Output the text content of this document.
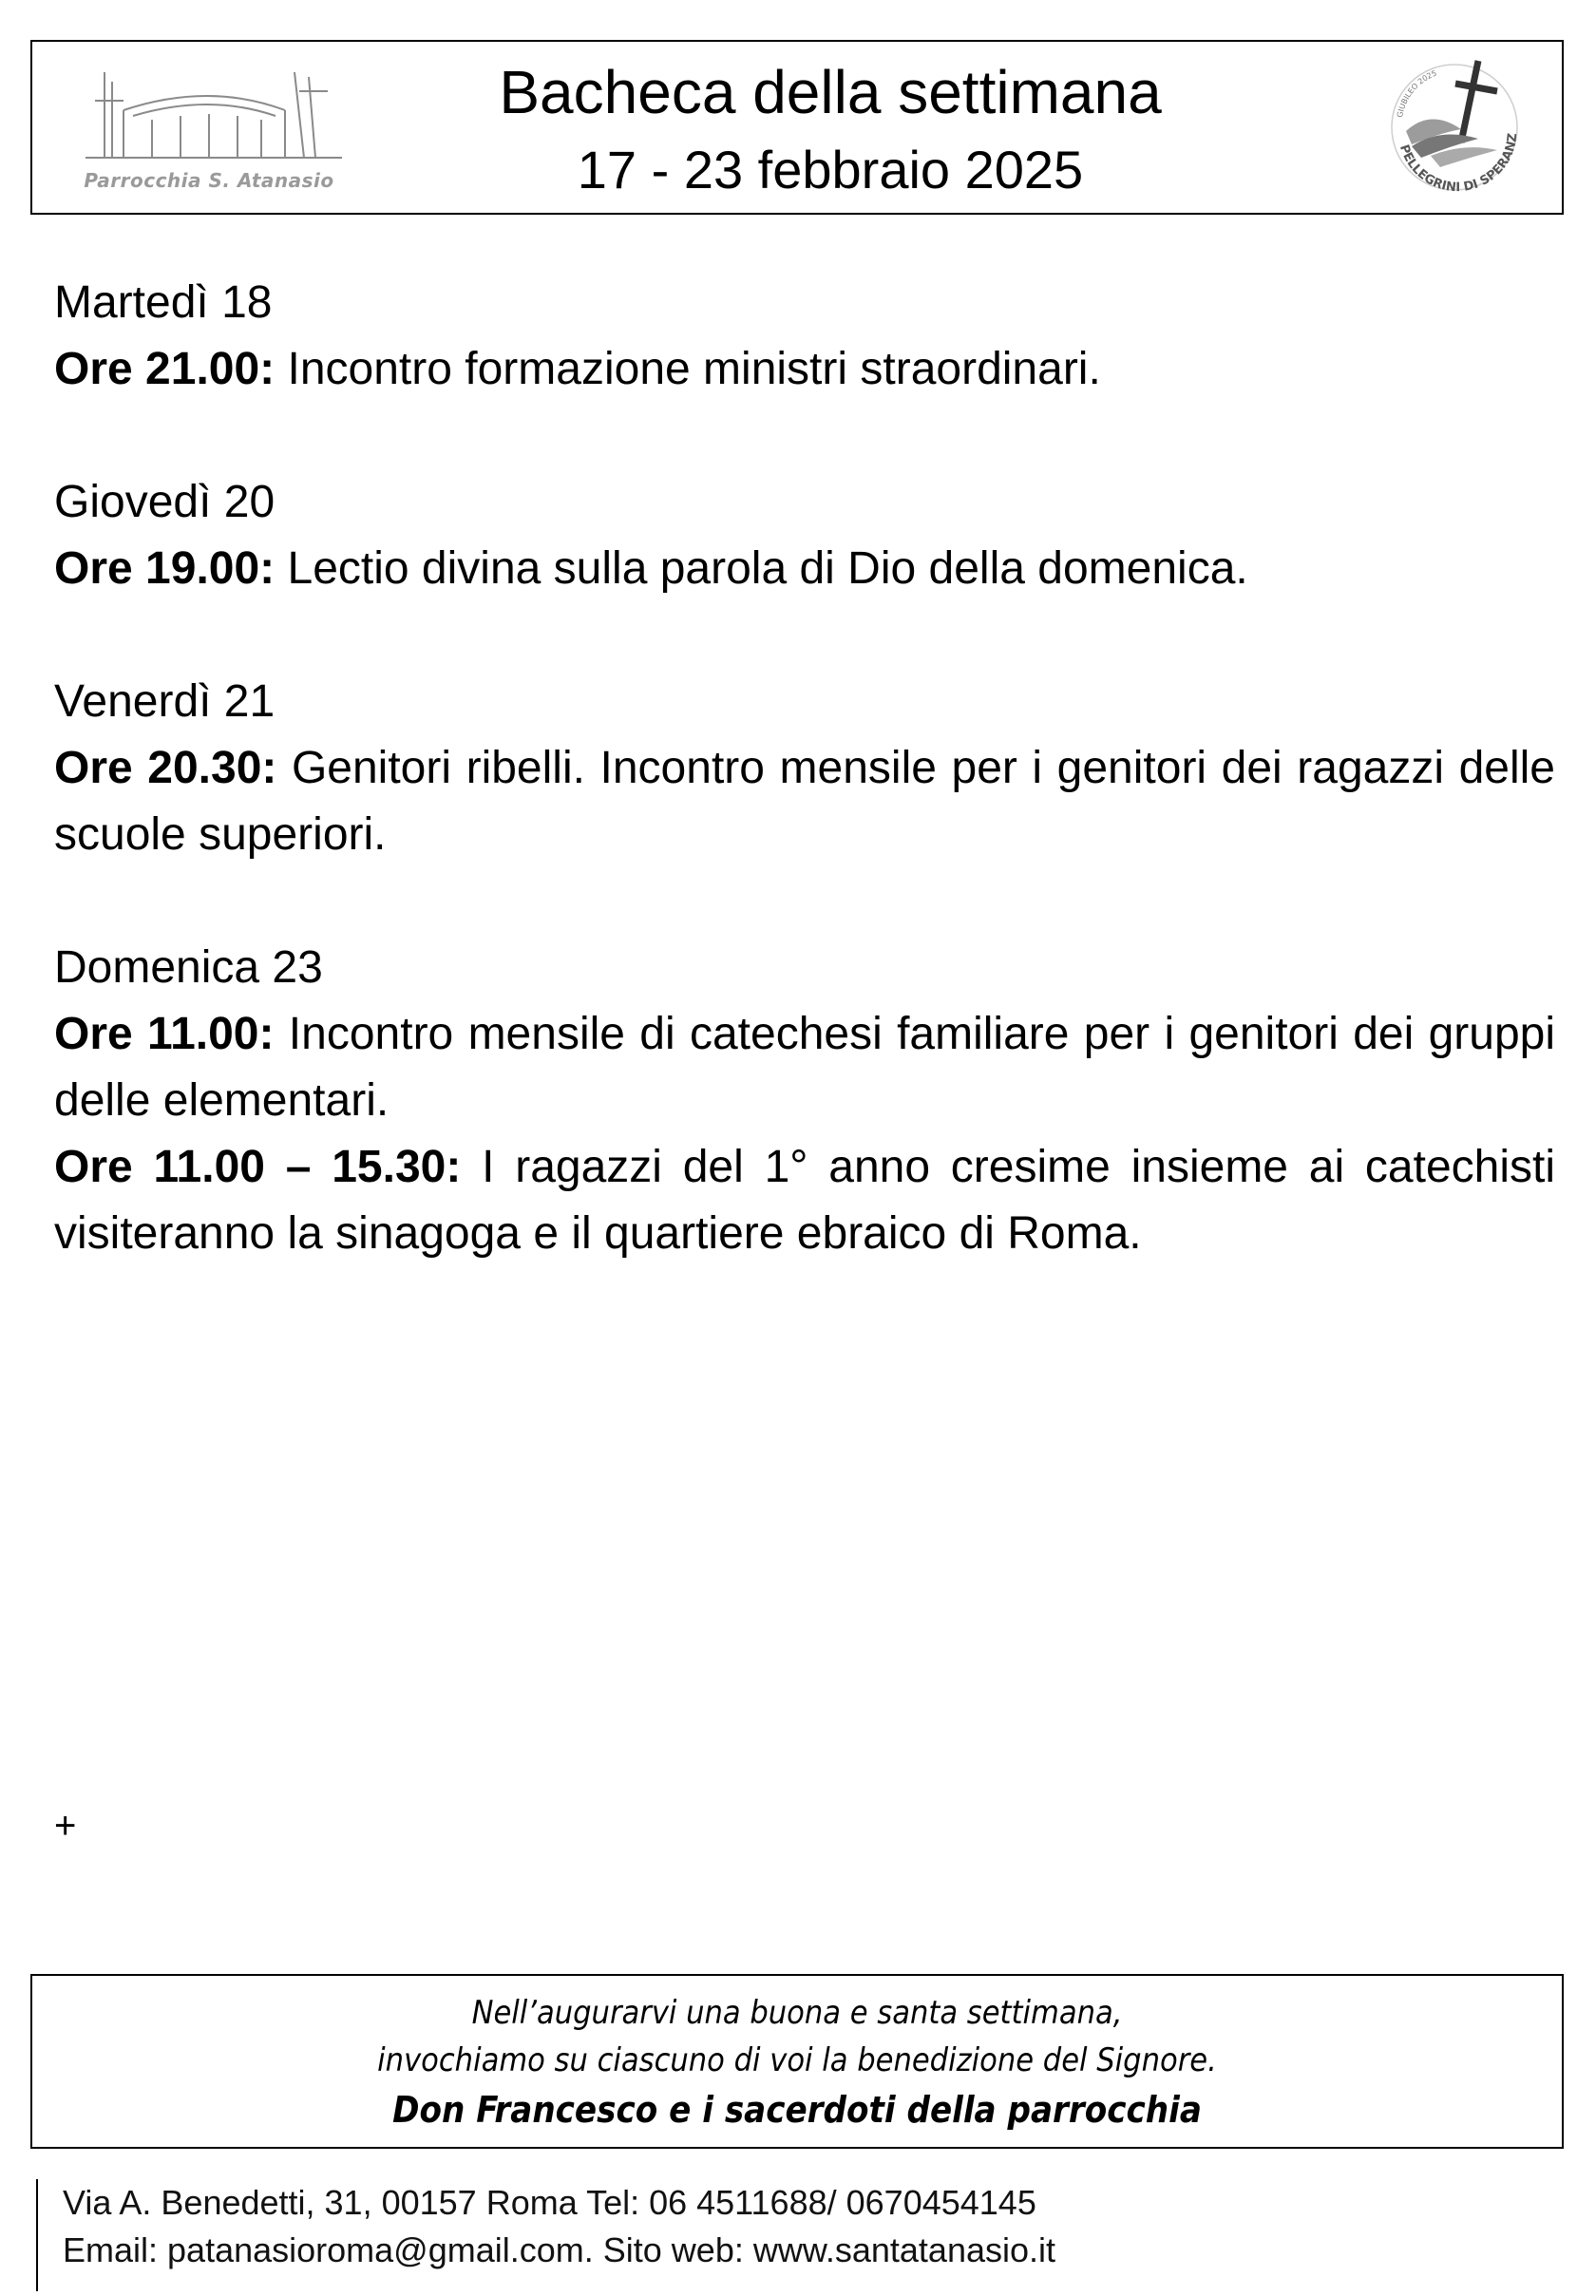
Parrocchia S. Atanasio
Bacheca della settimana
17 - 23 febbraio 2025	PELLEGRINI DI SPERANZ
GIUBILEO 2025
Martedì 18
Ore 21.00: Incontro formazione ministri straordinari.
Giovedì 20
Ore 19.00: Lectio divina sulla parola di Dio della domenica.
Venerdì 21
Ore 20.30: Genitori ribelli. Incontro mensile per i genitori dei ragazzi delle scuole superiori.
Domenica 23
Ore 11.00: Incontro mensile di catechesi familiare per i genitori dei gruppi delle elementari.
Ore 11.00 – 15.30: I ragazzi del 1° anno cresime insieme ai catechisti visiteranno la sinagoga e il quartiere ebraico di Roma.
+
Nell’augurarvi una buona e santa settimana,
invochiamo su ciascuno di voi la benedizione del Signore.
Don Francesco e i sacerdoti della parrocchia
Via A. Benedetti, 31, 00157 Roma Tel: 06 4511688/ 0670454145
Email: patanasioroma@gmail.com. Sito web: www.santatanasio.it
